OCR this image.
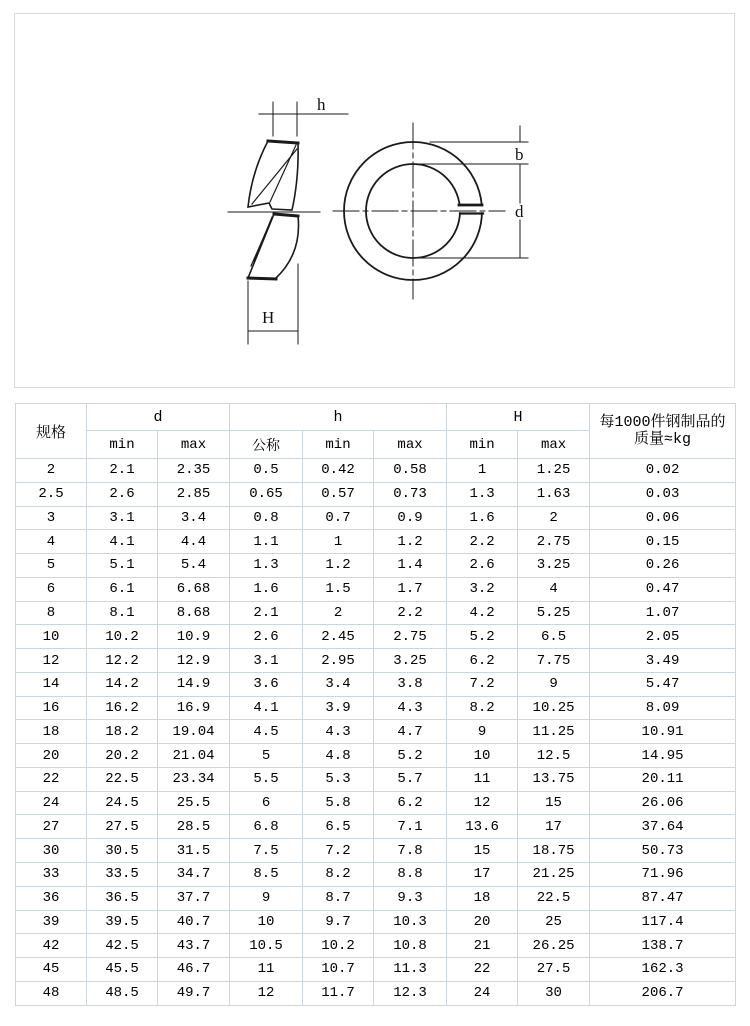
h
H
b
d
规格	d		h			H		每1000件钢制品的
质量≈kg
	min	max	公称	min	max	min	max	
2	2.1	2.35	0.5	0.42	0.58	1	1.25	0.02
2.5	2.6	2.85	0.65	0.57	0.73	1.3	1.63	0.03
3	3.1	3.4	0.8	0.7	0.9	1.6	2	0.06
4	4.1	4.4	1.1	1	1.2	2.2	2.75	0.15
5	5.1	5.4	1.3	1.2	1.4	2.6	3.25	0.26
6	6.1	6.68	1.6	1.5	1.7	3.2	4	0.47
8	8.1	8.68	2.1	2	2.2	4.2	5.25	1.07
10	10.2	10.9	2.6	2.45	2.75	5.2	6.5	2.05
12	12.2	12.9	3.1	2.95	3.25	6.2	7.75	3.49
14	14.2	14.9	3.6	3.4	3.8	7.2	9	5.47
16	16.2	16.9	4.1	3.9	4.3	8.2	10.25	8.09
18	18.2	19.04	4.5	4.3	4.7	9	11.25	10.91
20	20.2	21.04	5	4.8	5.2	10	12.5	14.95
22	22.5	23.34	5.5	5.3	5.7	11	13.75	20.11
24	24.5	25.5	6	5.8	6.2	12	15	26.06
27	27.5	28.5	6.8	6.5	7.1	13.6	17	37.64
30	30.5	31.5	7.5	7.2	7.8	15	18.75	50.73
33	33.5	34.7	8.5	8.2	8.8	17	21.25	71.96
36	36.5	37.7	9	8.7	9.3	18	22.5	87.47
39	39.5	40.7	10	9.7	10.3	20	25	117.4
42	42.5	43.7	10.5	10.2	10.8	21	26.25	138.7
45	45.5	46.7	11	10.7	11.3	22	27.5	162.3
48	48.5	49.7	12	11.7	12.3	24	30	206.7
